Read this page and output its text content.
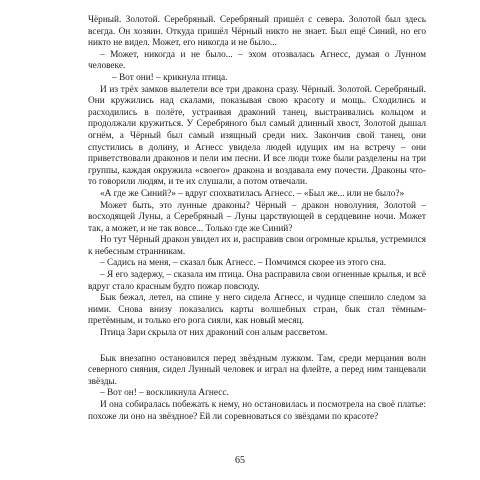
Чёрный. Золотой. Серебряный. Серебряный пришёл с севера. Золотой был здесь всегда. Он хозяин. Откуда пришёл Чёрный никто не знает. Был ещё Синий, но его никто не видел. Может, его никогда и не было...

– Может, никогда и не было... – эхом отозвалась Агнесс, думая о Лунном человеке.

– Вот они! – крикнула птица.

И из трёх замков вылетели все три дракона сразу. Чёрный. Золотой. Серебряный. Они кружились над скалами, показывая свою красоту и мощь. Сходились и расходились в полёте, устраивая драконий танец, выстраивались кольцом и продолжали кружиться. У Серебряного был самый длинный хвост, Золотой дышал огнём, а Чёрный был самый изящный среди них. Закончив свой танец, они спустились в долину, и Агнесс увидела людей идущих им на встречу – они приветствовали драконов и пели им песни. И все люди тоже были разделены на три группы, каждая окружила «своего» дракона и воздавала ему почести. Драконы что-то говорили людям, и те их слушали, а потом отвечали.

«А где же Синий?» – вдруг спохватилась Агнесс. – «Был же... или не было?»

Может быть, это лунные драконы? Чёрный – дракон новолуния, Золотой – восходящей Луны, а Серебряный – Луны царствующей в сердцевине ночи. Может так, а может, и не так вовсе... Только где же Синий?

Но тут Чёрный дракон увидел их и, расправив свои огромные крылья, устремился к небесным странникам.

– Садись на меня, – сказал бык Агнесс. – Помчимся скорее из этого сна.

– Я его задержу, – сказала им птица. Она расправила свои огненные крылья, и всё вдруг стало красным будто пожар повсюду.

Бык бежал, летел, на спине у него сидела Агнесс, и чудище спешило следом за ними. Снова внизу показались карты волшебных стран, бык стал тёмным-претёмным, и только его рога сияли, как новый месяц.

Птица Зари скрыла от них драконий сон алым рассветом.

Бык внезапно остановился перед звёздным лужком. Там, среди мерцания волн северного сияния, сидел Лунный человек и играл на флейте, а перед ним танцевали звёзды.

– Вот он! – воскликнула Агнесс.

И она собиралась побежать к нему, но остановилась и посмотрела на своё платье: похоже ли оно на звёздное? Ей ли соревноваться со звёздами по красоте?

65
